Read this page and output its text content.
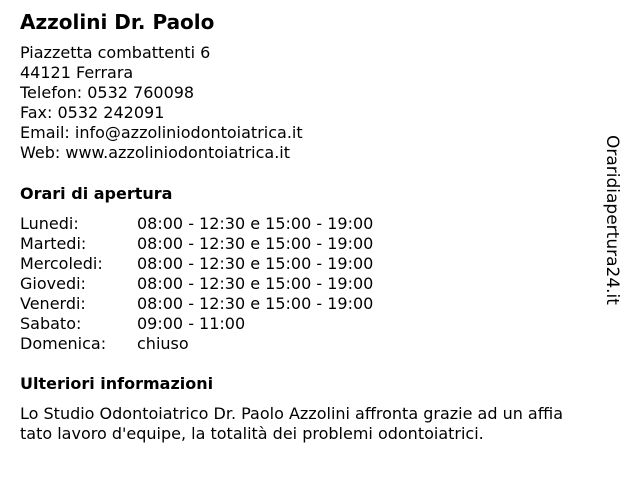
Azzolini Dr. Paolo
Piazzetta combattenti 6
44121 Ferrara
Telefon: 0532 760098
Fax: 0532 242091
Email: info@azzoliniodontoiatrica.it
Web: www.azzoliniodontoiatrica.it
Orari di apertura
Lunedi:	08:00 - 12:30 e 15:00 - 19:00
Martedi:	08:00 - 12:30 e 15:00 - 19:00
Mercoledi: 08:00 - 12:30 e 15:00 - 19:00
Giovedi:	08:00 - 12:30 e 15:00 - 19:00
Venerdi:	08:00 - 12:30 e 15:00 - 19:00
Sabato:	09:00 - 11:00
Domenica: chiuso
Ulteriori informazioni
Lo Studio Odontoiatrico Dr. Paolo Azzolini affronta grazie ad un affia
tato lavoro d'equipe, la totalità dei problemi odontoiatrici.
Oraridiapertura24.it
